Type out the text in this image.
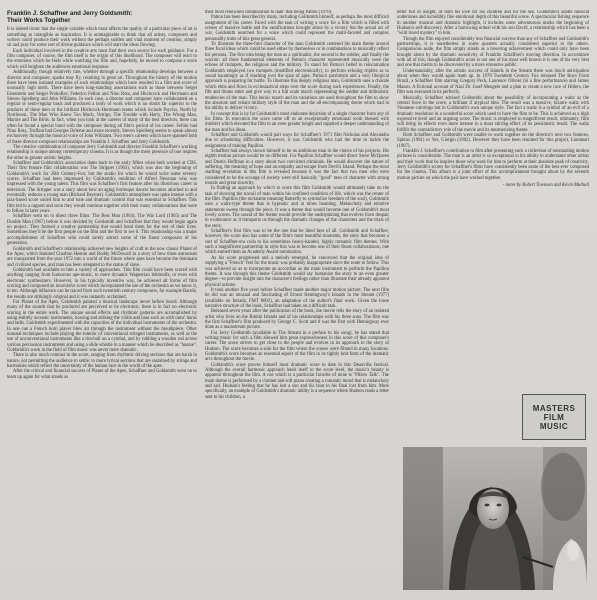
Franklin J. Schaffner and Jerry Goldsmith:
Their Works Together

It is indeed ironic that the single variable which most affects the quality of a particular piece of art is something as intangible as inspiration. It is unimaginable to think that all artists, composers and writers could produce their work without the perhaps sudden and vital moment of creation, simply sit and pray for some sort of divine guidance which will start the ideas flowing.

Each individual involved in the creative arts must find their own source for such guidance. For a film composer, of course, the film itself is the origin of this likelihood. The composer will react to the emotions which he feels while watching the film and, hopefully, be moved to compose a score which will heighten the audiences emotional response.

Additionally, though relatively rare, whether through a specific relationship develops between a director and composer, sparks may fly, resulting in great art. Throughout the history of the motion there have been isolated examples of such relationships which have resulted in a film and score of unusually high merit. There have been long-standing associations such as those between Sergei Eisenstein and Sergei Prokofiev, Federico Fellini and Nino Rota, and Hitchcock and Herrmann and Steven Spielberg and John Williams. In each case, a director and composer have collaborated on a regular or semi-regular basis and produced a body of work which is no doubt far superior to the products of these men or the brilliant Hitchcock-Herrmann teams which include Psycho, North by Northwest, The Man Who Knew Too Much, Vertigo, The Trouble with Harry, The Wrong Man, Marnie and The Birds. In fact, when you look at the careers of many of the best directors, there can often be found a special bond with the composer during all film's period of his career. Fellini had Nino Rota, Truffaut had Georges Delerue and more recently, Steven Spielberg seems to speak almost exclusively through the musical voice of John Williams. Two men's careers which have spanned both of these director-composer relationships are Franklin J. Schaffner and Jerry Goldsmith.

The creative combination of composer Jerry Goldsmith and director Franklin Schaffner's working relationship is unique among contemporary cinema. It is as though the mere presence of one inspires the other to greater artistic heights.

Schaffner and Goldsmith's association dates back to the early fifties when both worked at CBS. Their first feature film collaboration was The Stripper (1963), which was also the beginning of Goldsmith's work for 20th Century-Fox; but the studio for which he would write some seventy scores. Schaffner had been impressed by Goldsmith's rendition of Alfred Newman who was impressed with the young talent. This film was Schaffner's first feature after his illustrious career in television. The Stripper was a story about how an aging burlesque dancer becomes attached to and eventually seduces a young man (Richard Beymer). Goldsmith's atmosphere was quite intense with a jazz-based score suited him to and tone and dramatic control that was essential to Schaffner. This film led to a rapport and soon they would continue together with their many collaborations that were to follow in later years.

Schaffner went on to direct three films: The Best Man (1964), The War Lord (1965) and The Double Man (1967) before it was decided by Goldsmith and Schaffner that they would begin again on project. They formed a creative partnership that would bond them for the rest of their lives. Sometimes they'd be the first people on the film and the first to see it. This relationship was a major accomplishment of Schaffner who could surely attract some of the finest composers of his generation.

Goldsmith and Schaffner's relationship achieved new heights of craft in the now classic Planet of the Apes, which featured Charlton Heston and Roddy McDowall in a story of how three astronauts are transported from the year 1972 into a world of the future where apes have become the dominant and civilized species, and man has been relegated to the status of slave.

Goldsmith had available to him a variety of approaches. This film could have been scored with anything ranging from humorous ape-music, to more dynamic Wagnerian leitmotifs, or even with electronic synthesizers. However, in his typically inventive way, he achieved all forms of film scoring and composed an innovative score which incorporated the use of the orchestra as we know it, to ten. Although influence can be traced from such twentieth century composers, for example Bartók, the results are strikingly original and it was instantly acclaimed.

For Planet of the Apes, Goldsmith painted a musical landscape never before heard. Although many of the sounds that he produced are perceived to be electronic, there is in fact no electronic scoring in the entire work. The unique sound effects and rhythmic patterns are accomplished by using entirely acoustic instruments, bowing and striking the violin and bass such as with rams' horns and bells. Goldsmith experimented with the capacities of the individual instruments of the orchestra. In one cue a French horn player blew air through the instrument without the mouthpiece. Other unusual techniques include playing the interior of conventional stringed instruments, as well as the use of unconventional instruments like a rim-ball on a cymbal, and by rubbing a wooden rod across various percussion instruments and using a slide whistle in a manner which he described as "hoarse". Goldsmith's work in the field of film music was never more dramatic.

There is also much contrast in the score, ranging from rhythmic driving sections that are harsh in nature, not permitting the audience to settle; to more lyrical sections that are sustained by strings and harmonies which reflect the uncertainty of the human race in the world of the apes.

After the critical and financial success of Planet of the Apes, Schaffner and Goldsmith went on to team up again for what stands as

their most renowned collaboration to date: that being Patton (1970).

Patton has been described by many, including Goldsmith himself, as perhaps the most difficult assignment of his career. Faced with the task of writing a score for a film which is filled with scenes of massive battle and the ramifications brought about by a victory but the actual act of war, Goldsmith searched for a voice which could represent the multi-faceted and complex personality traits of this great general.

To illustrate the three-fold character of the man Goldsmith centered his main theme around three focal ideas which could be used either by themselves or in combinations to musically reflect his persona. The first idea being the man as a spiritualist, the second is the soldier, and finally the warrior; all three fundamental elements of Patton's character represented musically were the echoes of trumpets, the religious and the military. To stand for Patton's belief in reincarnation Goldsmith employed two trumpets (modified electronically), to perform echoing triplets as to sound hauntingly as if reaching over the span of ages. Patton's patriotism and a very liturgical approach is preparing for battle. To illustrate this deeply religious man, Goldsmith uses a chorale which ebbs and flows in ecclesiastical steps over the score during such experiences. Finally, the fife and drums enter and give way to a full scale march representing the soldier and militaristic tendencies of the man. This heroic march and its variations are used throughout the film to show the absolute and reliant military style of the man and the all-encompassing desire which had in his ability to deliver victory.

In concept this is by far Goldsmith's most elaborate depiction of a single character from any of his films. In execution the score came off as an exceptionally emotional work blessed with intellect which elevated the film to an even greater height and supplied a deeper understanding of the man and his ideas.

Schaffner and Goldsmith would part ways for Schaffner's 1971 film Nicholas and Alexandra due to scheduling difficulties. However, it was Goldsmith who had the time to tackle the assignment of making Papillon.

Schaffner had always shown himself to be an ambitious man in the choice of his projects. His eighth motion picture would be no different. For Papillon Schaffner would direct Steve McQueen and Dustin Hoffman in a story about two convicted criminals. He would discover the nature of suffering, the meaning of hope and an empathy and escape from Devil's Island. Perhaps the most startling revelation in this film is revealed because it was the fact that two men who were considered to be the scourge of society were still basically "good" men of character with strong morals and great sincerity.

In finding an approach by which to score this film Goldsmith would ultimately take on the task of showing the travail of man within his confined condition of life, which was the center of the film. Papillon (the nickname meaning Butterfly to symbolize freedom of the soul), Goldsmith uses a waltz-type theme that is hypnotic and at times haunting. Melancholy and emotive statements sweep through the piece. It was a theme that would become one of Goldsmith's most lovely scores. The sound of the theme would provide the underpinning that evolves from despair to exuberance as it transports us through the dramatic changes of the characters and the trials of the story.

Schaffner's first film was to be the one that he liked best of all. Goldsmith and Schaffner, however, the score also has some of the film's most beautiful moments, the story that becomes a sort of Schaffner-era coda to his sometimes heavy-handed, highly romantic film themes. With such a magnificent partnership in style this was to become one of their finest collaborations, one which earned them an Academy Award nomination.

As his score progressed and a melody emerged, he conceived that the original idea of supplying a "French" feel for the music was probably inappropriate since the route to follow. This was achieved so as to incorporate an accordian as the main instrument to perform the Papillon theme. It was through this theme Goldsmith would say humanize the story to an even greater degree—to provide insight into the character's feelings rather than illustrate their already apparent physical actions.

It took another five years before Schaffner made another major motion picture. The next film he did was an unusual and fascinating of Ernest Hemingway's Islands in the Stream (1977) (available on Intrada, FMT 8002), an adaptation of the author's final work. Given the loose narrative structure of the book, Schaffner had taken on a difficult task.

Released seven years after the publication of the book, the movie tells the story of an isolated artist who lives on the Bimini Islands and of his relationships with his three sons. The film was the first Schaffner's film produced by George C. Scott and it was the first with Hemingway ever done as a mainstream picture.

For Jerry Goldsmith (available in The Stream in a preface to his song), he has stated that writing music for such a film allowed him great expressiveness in this score of this composer's career. The score strives to get close to the people and evolves in its approach to the story of Hudson. The score becomes a solo for the film where the scenes were filmed in many locations. Goldsmith's score becomes an essential aspect of the film in its tightly knit form of the dramatic arcs throughout the movie.

Goldsmith's score proves himself most dramatic score to date in this Deauville festival. Although the overall harmonic approach lends itself to the score level, the music's beauty is apparent throughout the film. A cue which is a particular favorite of mine is "Pillow Talk". The main theme is performed by a clarinet and soft piano creating a romantic mood that is melancholy and sad. Hudson's feeling that he has lost a son and his boat in his final lost from him. More specifically, an example of Goldsmith's dramatic ability is a sequence where Hudson reads a letter sent to his children, a

letter full of insight, of both his love for his children and for the sea. Goldsmith's subtle musical undertones and incredibly fine emotional depth of this beautiful scene. A spectacular fishing sequence in another musical and dramatic highlight, it includes some adventurous marks the beginning of Hudson's self-discovery. After a harrowing ordeal with his son David, a relationship which has been a "wild loved mystery" to him.

Though the film enjoyed considerably less financial success than any of Schaffner and Goldsmith's partnerships, it is nonetheless in some quarters actually considered superior to the others. Comparisons aside, the film simply stands as a towering achievement which could only have been brought about by the dramatic sensitivity of Franklin Schaffner's moving direction. In accordance with all of this, though Goldsmith's score is not one of his most well known it is one of his very best and one that merits to be discovered by a more extensive public.

Understandably, after the artistic success of Islands in the Stream there was much anticipation about when they would again team up. In 1978 Twentieth Century Fox released The Boys From Brazil, a Schaffner film starring Gregory Peck, Laurence Olivier (in a fine performance) and James Mason. A fictional account of Nazi Dr. Josef Mengele and a plan to create a new race of Hitlers, the film was executed in its perfectly.

Musically, Schaffner advised Goldsmith about the possibility of incorporating a waltz as the central force in the score, a brilliant if atypical idea. The result was a massive, bizarre waltz with Viennese colorings but in Goldsmith's own unique style. The fact a waltz is a symbol of an evil of a dramatic resolution in a wonderful score which used to have the film to be. This is achieved as a high expressive level and an ongoing score. The music is employed to magnificent result, ultimately, film will bring its effects even more intense in a most stirring effect of its pessimistic result. The waltz fulfills the contradictory role of the movie and its mesmerizing theme.

Both Schaffner and Goldsmith were unable to work together on the director's next two features, Sphinx (1981) or Yes, Giorgio (1982). However they have been reunited for this project, Lionheart (1987).

Franklin J. Schaffner's contribution to film after presenting such a collection of outstanding motion pictures is considerable. The man is an artist is so exceptional in his ability to understand other artists and their work that he inspires those who work for him to perform at their absolute peak of creativity. Jerry Goldsmith's scores for Schaffner's films have consistently been some of the best ever composed for the cinema. This album is a joint effort of the accomplishment brought about by the seventh motion picture on which the pair have worked together.

- notes by Robert Townson and Kevin Mulhall

MASTERS
FILM
MUSIC
